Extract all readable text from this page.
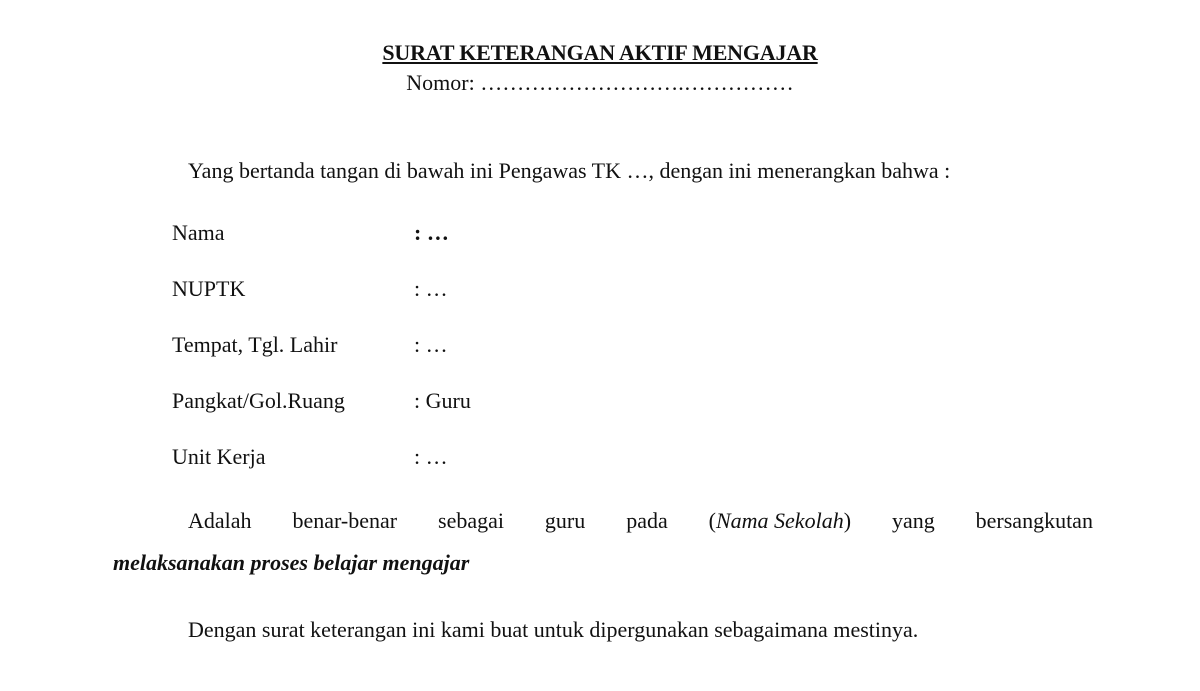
SURAT KETERANGAN AKTIF MENGAJAR
Nomor: ……………………….……………
Yang bertanda tangan di bawah ini Pengawas TK …, dengan ini menerangkan bahwa :
Nama	: …
NUPTK	: …
Tempat, Tgl. Lahir	: …
Pangkat/Gol.Ruang	: Guru
Unit Kerja	: …
Adalah benar-benar sebagai guru pada (Nama Sekolah) yang bersangkutan
melaksanakan proses belajar mengajar
Dengan surat keterangan ini kami buat untuk dipergunakan sebagaimana mestinya.
